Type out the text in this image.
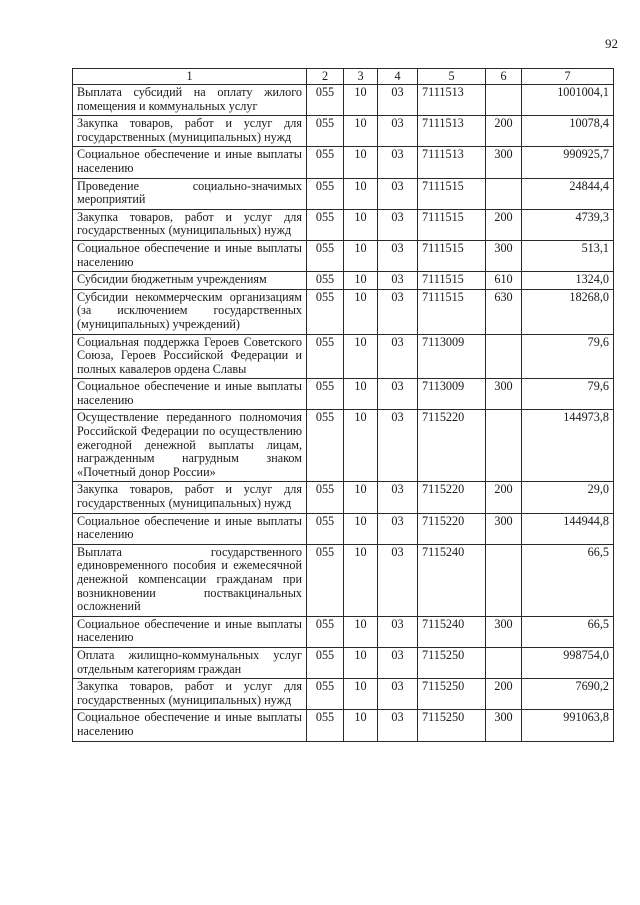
92
1	2	3	4	5	6	7
Выплата субсидий на оплату жилого помещения и коммунальных услуг	055	10	03	7111513		1001004,1
Закупка товаров, работ и услуг для государственных (муниципальных) нужд	055	10	03	7111513	200	10078,4
Социальное обеспечение и иные выплаты населению	055	10	03	7111513	300	990925,7
Проведение социально-значимых мероприятий	055	10	03	7111515		24844,4
Закупка товаров, работ и услуг для государственных (муниципальных) нужд	055	10	03	7111515	200	4739,3
Социальное обеспечение и иные выплаты населению	055	10	03	7111515	300	513,1
Субсидии бюджетным учреждениям	055	10	03	7111515	610	1324,0
Субсидии некоммерческим организациям (за исключением государственных (муниципальных) учреждений)	055	10	03	7111515	630	18268,0
Социальная поддержка Героев Советского Союза, Героев Российской Федерации и полных кавалеров ордена Славы	055	10	03	7113009		79,6
Социальное обеспечение и иные выплаты населению	055	10	03	7113009	300	79,6
Осуществление переданного полномочия Российской Федерации по осуществлению ежегодной денежной выплаты лицам, награжденным нагрудным знаком «Почетный донор России»	055	10	03	7115220		144973,8
Закупка товаров, работ и услуг для государственных (муниципальных) нужд	055	10	03	7115220	200	29,0
Социальное обеспечение и иные выплаты населению	055	10	03	7115220	300	144944,8
Выплата государственного единовременного пособия и ежемесячной денежной компенсации гражданам при возникновении поствакцинальных осложнений	055	10	03	7115240		66,5
Социальное обеспечение и иные выплаты населению	055	10	03	7115240	300	66,5
Оплата жилищно-коммунальных услуг отдельным категориям граждан	055	10	03	7115250		998754,0
Закупка товаров, работ и услуг для государственных (муниципальных) нужд	055	10	03	7115250	200	7690,2
Социальное обеспечение и иные выплаты населению	055	10	03	7115250	300	991063,8
